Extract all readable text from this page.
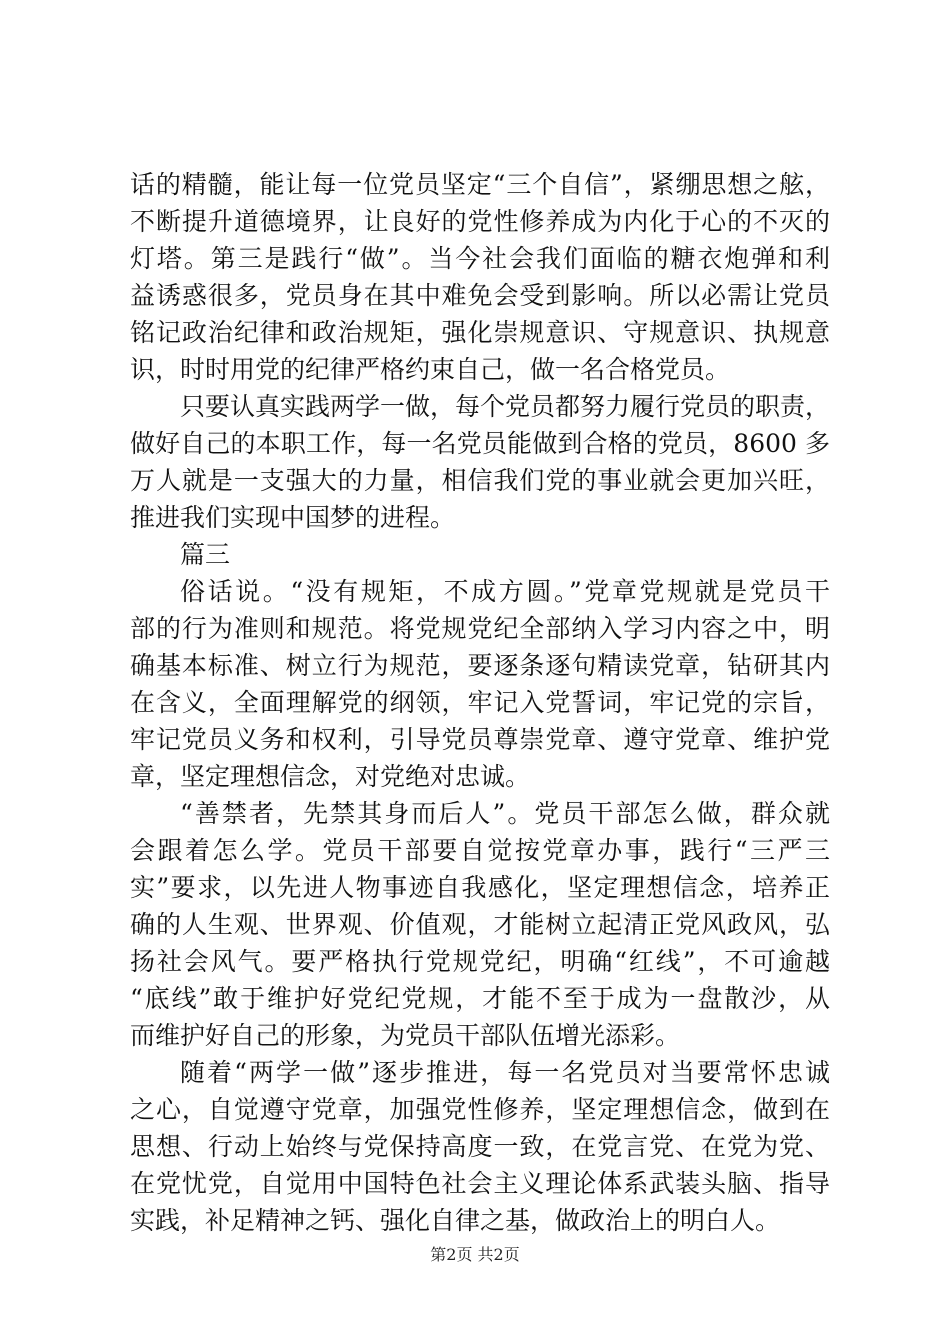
话的精髓，能让每一位党员坚定“三个自信”，紧绷思想之舷，
不断提升道德境界，让良好的党性修养成为内化于心的不灭的
灯塔。第三是践行“做”。当今社会我们面临的糖衣炮弹和利
益诱惑很多，党员身在其中难免会受到影响。所以必需让党员
铭记政治纪律和政治规矩，强化崇规意识、守规意识、执规意
识，时时用党的纪律严格约束自己，做一名合格党员。
只要认真实践两学一做，每个党员都努力履行党员的职责，
做好自己的本职工作，每一名党员能做到合格的党员，8600 多
万人就是一支强大的力量，相信我们党的事业就会更加兴旺，
推进我们实现中国梦的进程。
篇三
俗话说。“没有规矩，不成方圆。”党章党规就是党员干
部的行为准则和规范。将党规党纪全部纳入学习内容之中，明
确基本标准、树立行为规范，要逐条逐句精读党章，钻研其内
在含义，全面理解党的纲领，牢记入党誓词，牢记党的宗旨，
牢记党员义务和权利，引导党员尊崇党章、遵守党章、维护党
章，坚定理想信念，对党绝对忠诚。
“善禁者，先禁其身而后人”。党员干部怎么做，群众就
会跟着怎么学。党员干部要自觉按党章办事，践行“三严三
实”要求，以先进人物事迹自我感化，坚定理想信念，培养正
确的人生观、世界观、价值观，才能树立起清正党风政风，弘
扬社会风气。要严格执行党规党纪，明确“红线”，不可逾越
“底线”敢于维护好党纪党规，才能不至于成为一盘散沙，从
而维护好自己的形象，为党员干部队伍增光添彩。
随着“两学一做”逐步推进，每一名党员对当要常怀忠诚
之心，自觉遵守党章，加强党性修养，坚定理想信念，做到在
思想、行动上始终与党保持高度一致，在党言党、在党为党、
在党忧党，自觉用中国特色社会主义理论体系武装头脑、指导
实践，补足精神之钙、强化自律之基，做政治上的明白人。
第2页 共2页
